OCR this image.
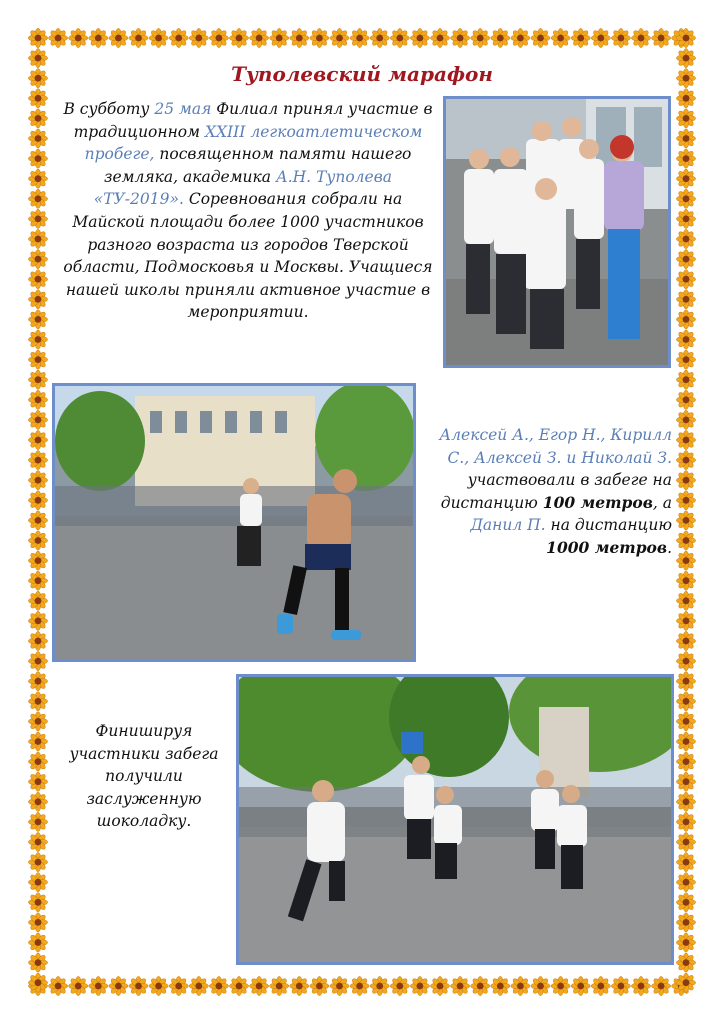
Туполевский марафон
В субботу 25 мая Филиал принял участие в традиционном XXIII легкоатлетическом пробеге, посвященном памяти нашего земляка, академика А.Н. Туполева «ТУ-2019». Соревнования собрали на Майской площади более 1000 участников разного возраста из городов Тверской области, Подмосковья и Москвы. Учащиеся нашей школы приняли активное участие в мероприятии.
Алексей А., Егор Н., Кирилл С., Алексей З. и Николай З. участвовали в забеге на дистанцию 100 метров, а Данил П. на дистанцию 1000 метров.
Финишируя участники забега получили заслуженную шоколадку.
